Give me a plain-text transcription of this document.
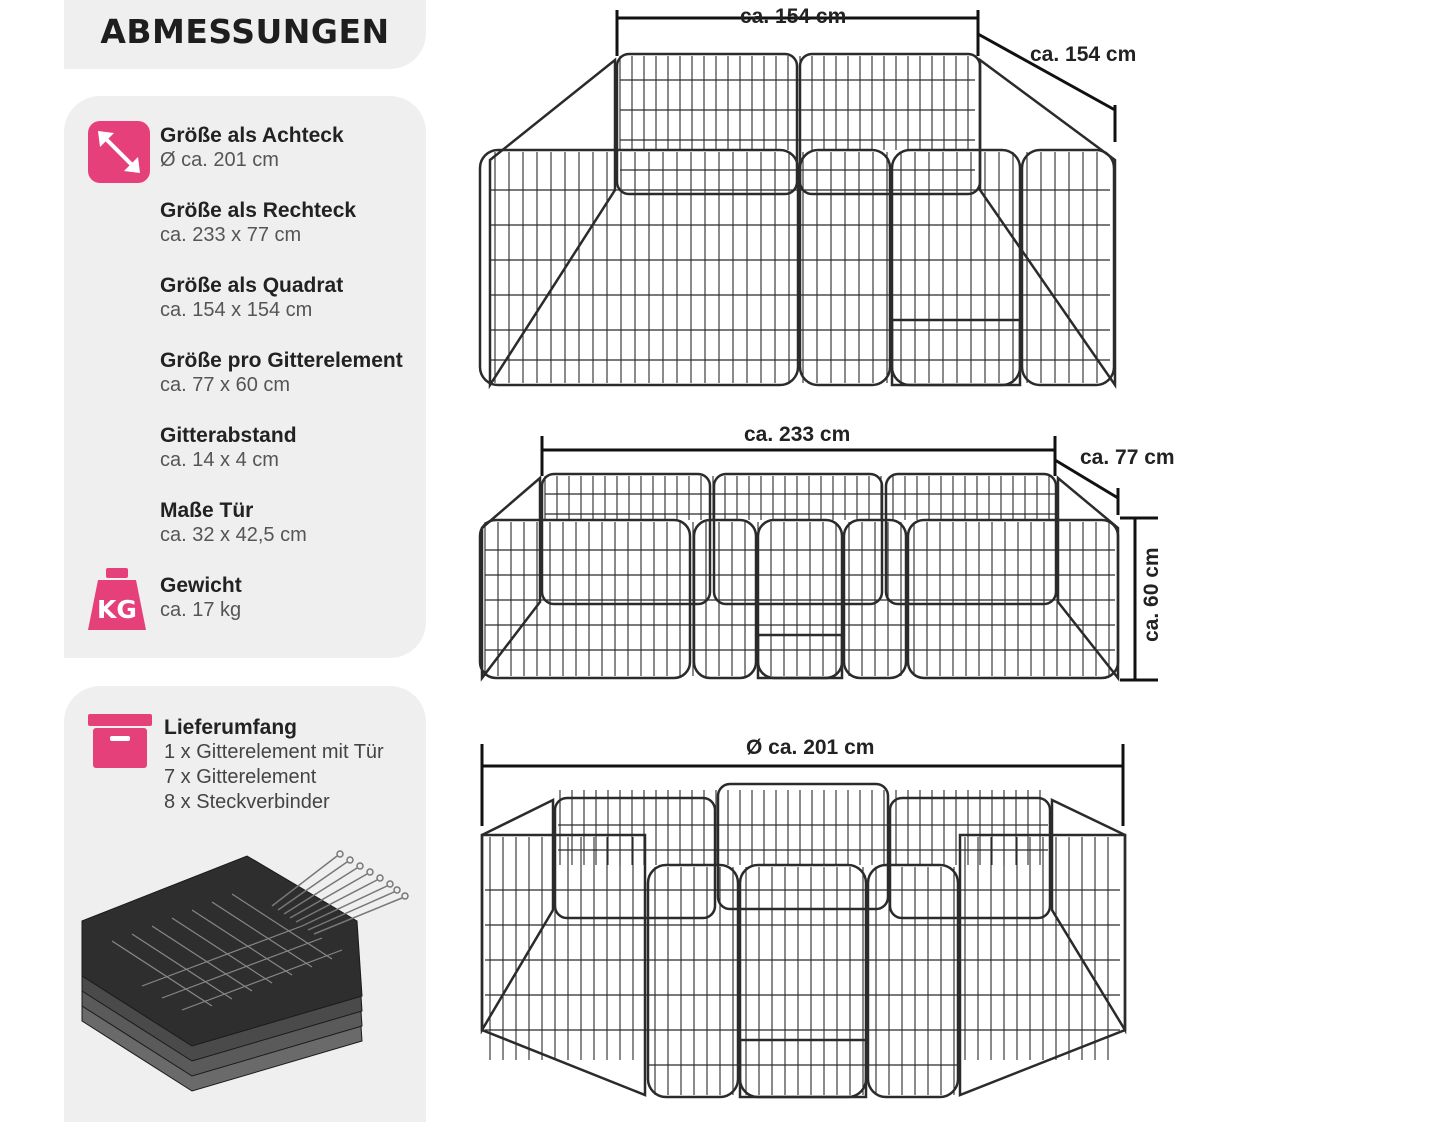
ABMESSUNGEN
Größe als Achteck
Ø ca. 201 cm
Größe als Rechteck
ca. 233 x 77 cm
Größe als Quadrat
ca. 154 x 154 cm
Größe pro Gitterelement
ca. 77 x 60 cm
Gitterabstand
ca. 14 x 4 cm
Maße Tür
ca. 32 x 42,5 cm
KG
Gewicht
ca. 17 kg
Lieferumfang
1 x Gitterelement mit Tür
7 x Gitterelement
8 x Steckverbinder
ca. 154 cm
ca. 154 cm
ca. 233 cm
ca. 77 cm
ca. 60 cm
Ø ca. 201 cm
